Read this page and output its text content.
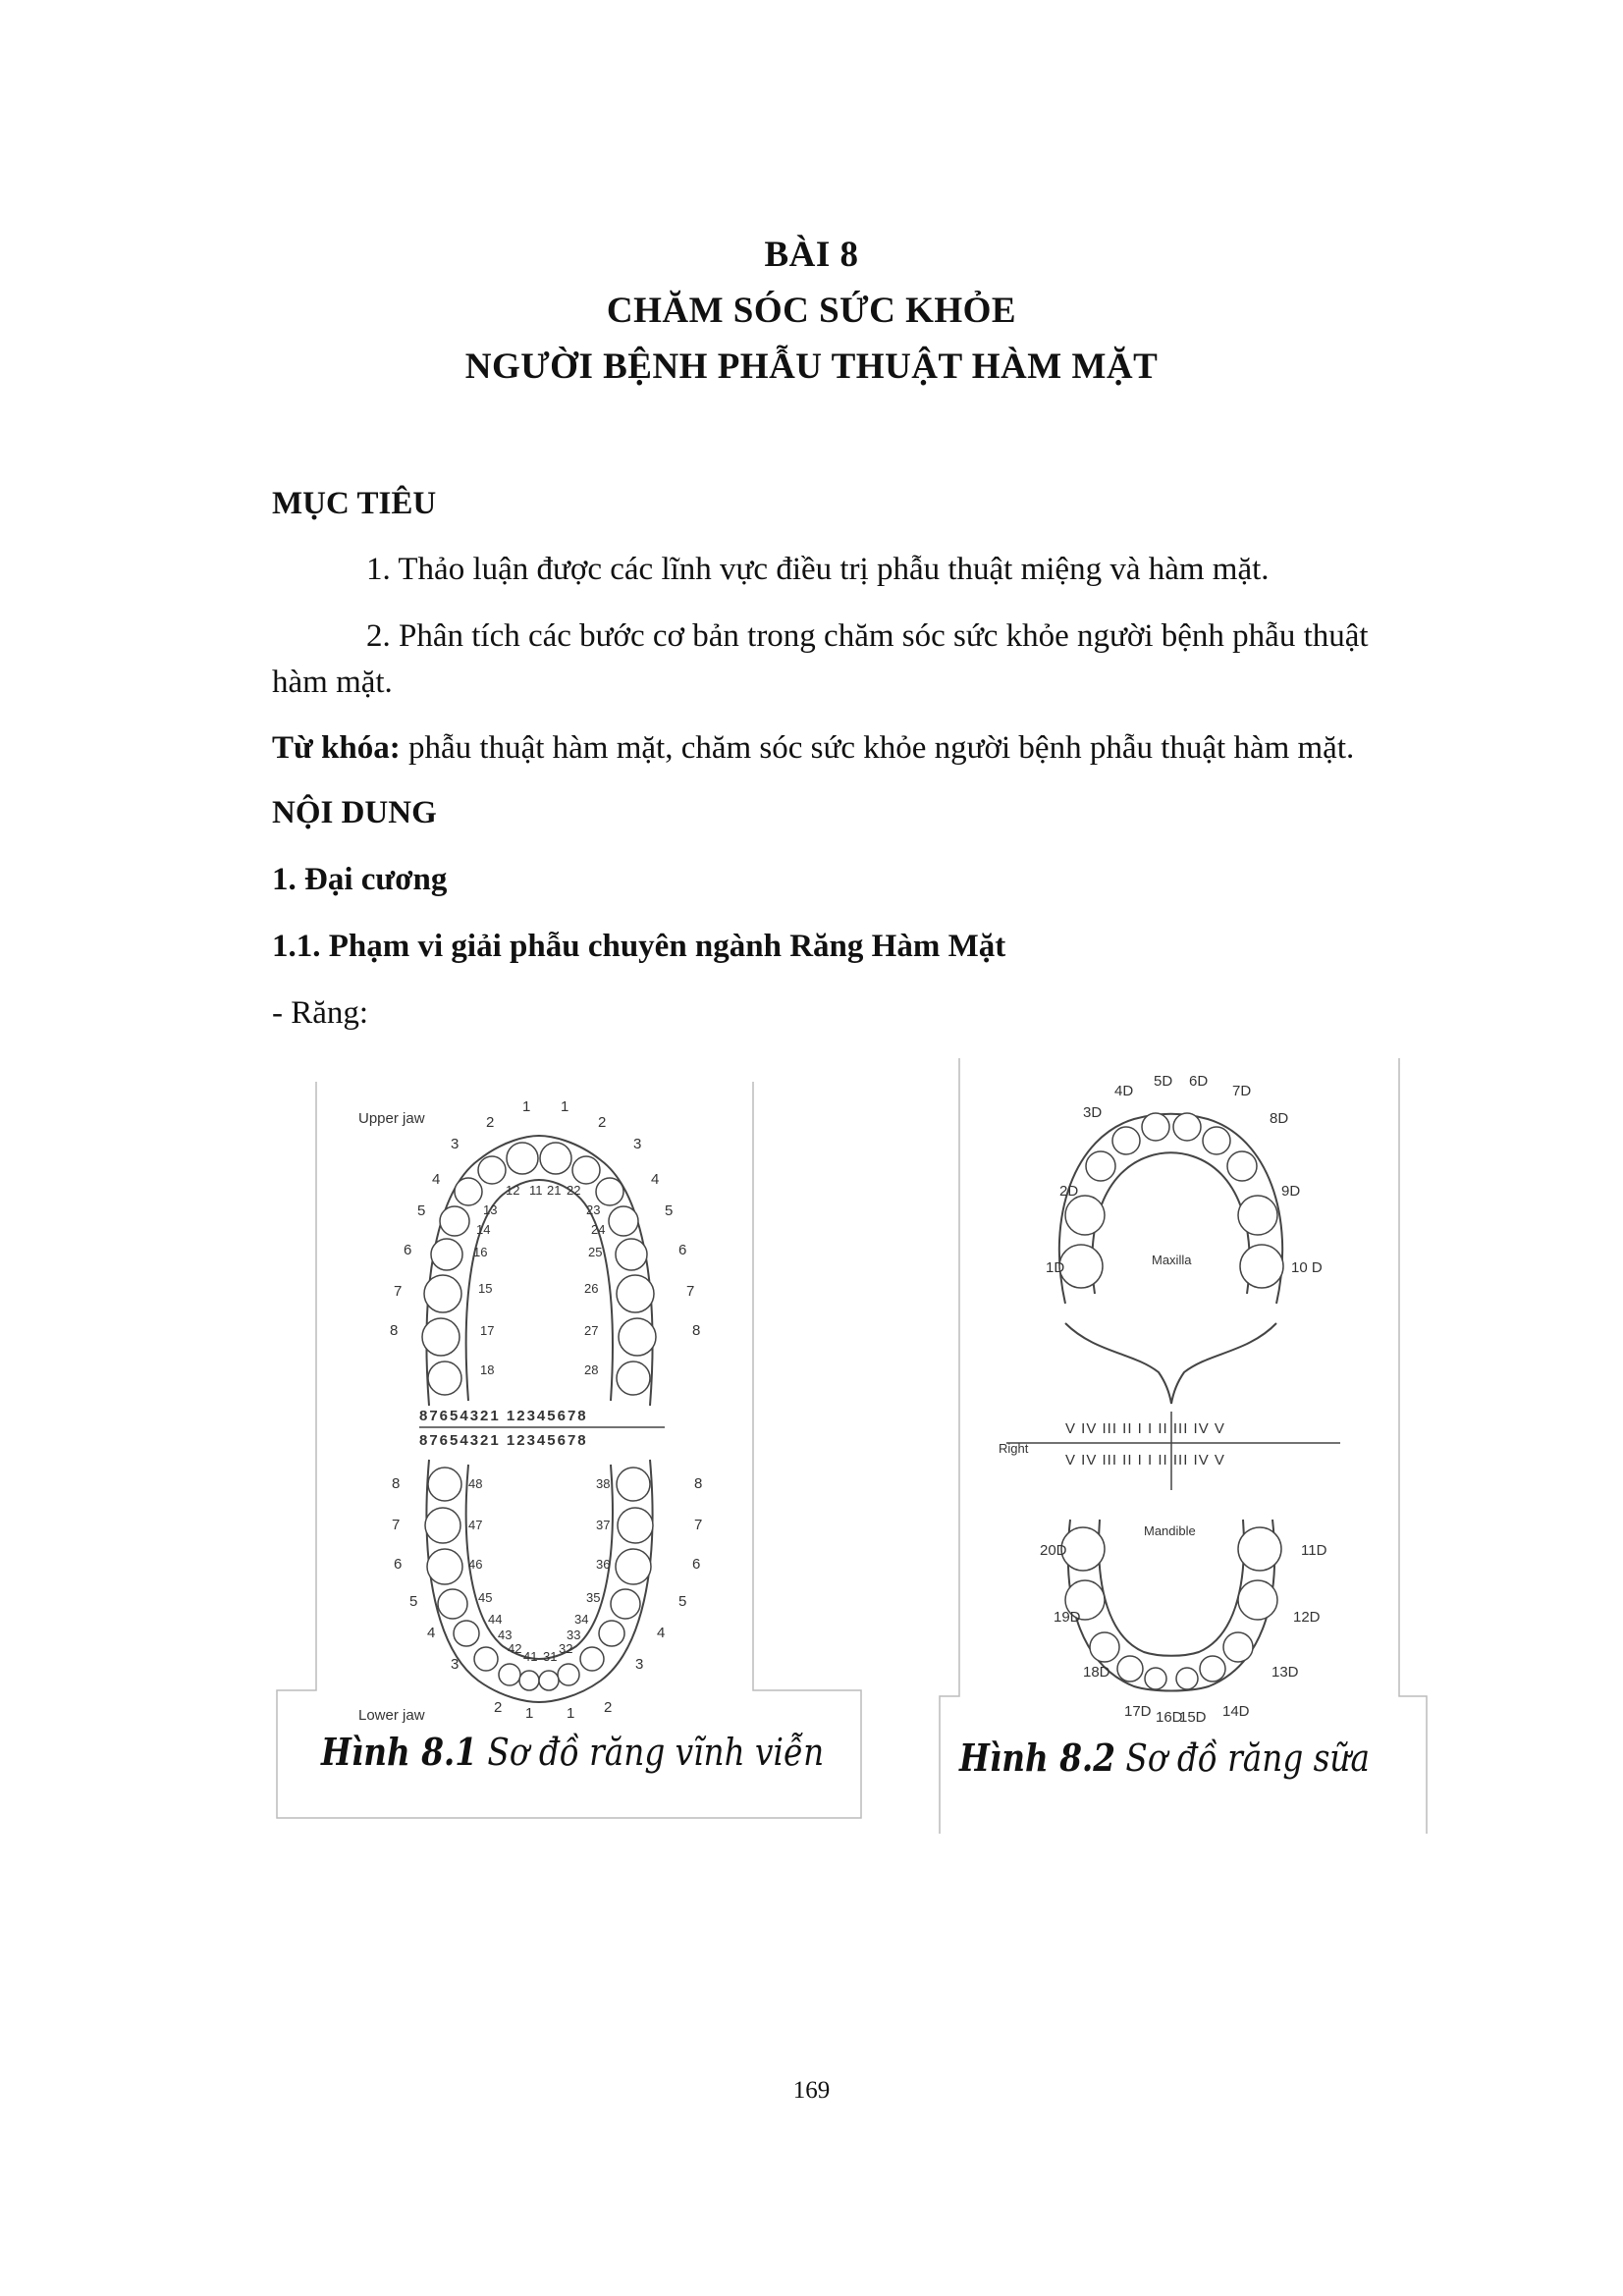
BÀI 8
CHĂM SÓC SỨC KHỎE
NGƯỜI BỆNH PHẪU THUẬT HÀM MẶT
MỤC TIÊU
1. Thảo luận được các lĩnh vực điều trị phẫu thuật miệng và hàm mặt.
2. Phân tích các bước cơ bản trong chăm sóc sức khỏe người bệnh phẫu thuật
hàm mặt.
Từ khóa: phẫu thuật hàm mặt, chăm sóc sức khỏe người bệnh phẫu thuật hàm mặt.
NỘI DUNG
1. Đại cương
1.1. Phạm vi giải phẫu chuyên ngành Răng Hàm Mặt
- Răng:
Upper jaw
1 1
2	2
3	3
4	4
5	5
6	6
7	7
8	8
12 11 21 22
13	23
14	24
16	25
15	26
17	27
18	28
87654321 12345678
87654321 12345678
8	8
7	7
6	6
5	5
4	4
3	3
2	2
1 1
48	38
47	37
46	36
45	35
44	34
43	33
42	32
41 31
Lower jaw
Hình 8.1 Sơ đồ răng vĩnh viễn
4D
5D 6D
7D
3D	8D
2D	9D
1D	10 D
Maxilla
Right
V IV III II I I II III IV V
V IV III II I I II III IV V
Mandible
20D	11D
19D	12D
18D	13D
17D 16D
15D 14D
Hình 8.2 Sơ đồ răng sữa
169
